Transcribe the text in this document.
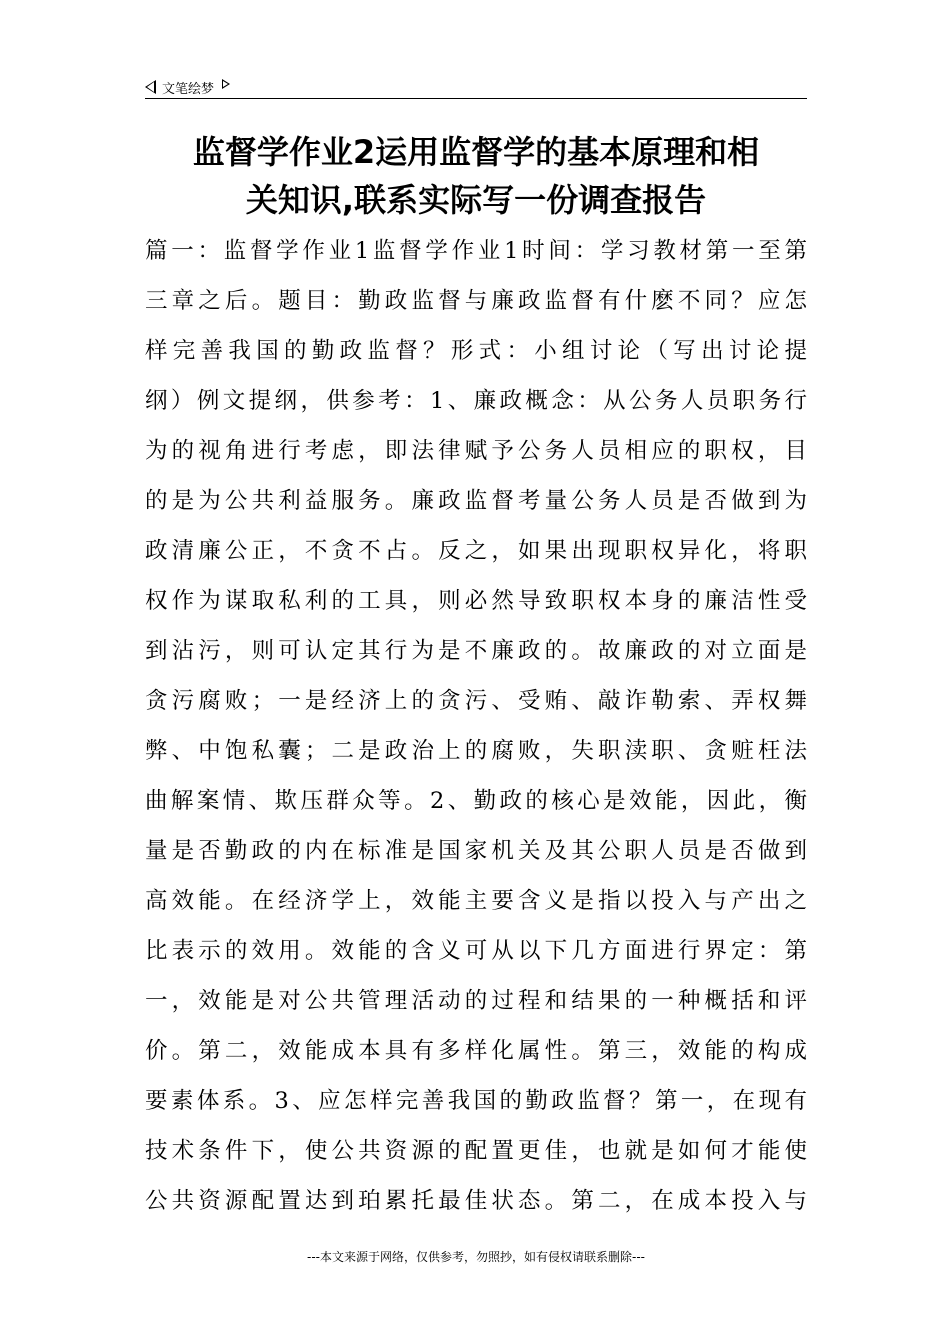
文笔绘梦
监督学作业2运用监督学的基本原理和相
关知识,联系实际写一份调查报告
篇一：监督学作业1监督学作业1时间：学习教材第一至第
三章之后。题目：勤政监督与廉政监督有什麽不同？应怎
样完善我国的勤政监督？形式：小组讨论（写出讨论提
纲）例文提纲，供参考：1、廉政概念：从公务人员职务行
为的视角进行考虑，即法律赋予公务人员相应的职权，目
的是为公共利益服务。廉政监督考量公务人员是否做到为
政清廉公正，不贪不占。反之，如果出现职权异化，将职
权作为谋取私利的工具，则必然导致职权本身的廉洁性受
到沾污，则可认定其行为是不廉政的。故廉政的对立面是
贪污腐败；一是经济上的贪污、受贿、敲诈勒索、弄权舞
弊、中饱私囊；二是政治上的腐败，失职渎职、贪赃枉法
曲解案情、欺压群众等。2、勤政的核心是效能，因此，衡
量是否勤政的内在标准是国家机关及其公职人员是否做到
高效能。在经济学上，效能主要含义是指以投入与产出之
比表示的效用。效能的含义可从以下几方面进行界定：第
一，效能是对公共管理活动的过程和结果的一种概括和评
价。第二，效能成本具有多样化属性。第三，效能的构成
要素体系。3、应怎样完善我国的勤政监督？第一，在现有
技术条件下，使公共资源的配置更佳，也就是如何才能使
公共资源配置达到珀累托最佳状态。第二，在成本投入与
---本文来源于网络，仅供参考，勿照抄，如有侵权请联系删除---
